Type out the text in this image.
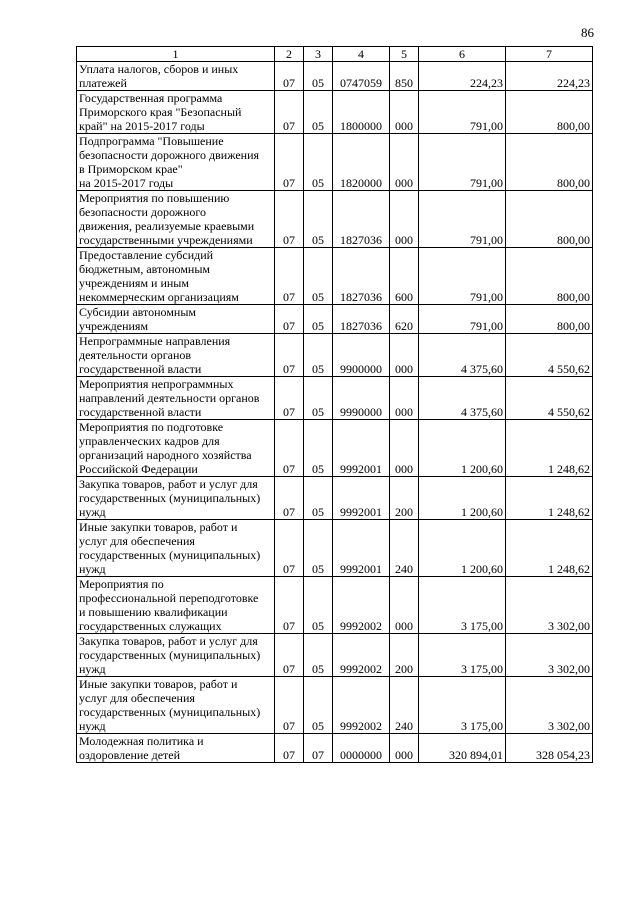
86
1	2	3	4	5	6	7

Уплата налогов, сборов и иных
платежей	07	05	0747059	850	224,23	224,23

Государственная программа
Приморского края "Безопасный
край" на 2015-2017 годы	07	05	1800000	000	791,00	800,00

Подпрограмма "Повышение
безопасности дорожного движения
в Приморском крае"
на 2015-2017 годы	07	05	1820000	000	791,00	800,00

Мероприятия по повышению
безопасности дорожного
движения, реализуемые краевыми
государственными учреждениями	07	05	1827036	000	791,00	800,00

Предоставление субсидий
бюджетным, автономным
учреждениям и иным
некоммерческим организациям	07	05	1827036	600	791,00	800,00

Субсидии автономным
учреждениям	07	05	1827036	620	791,00	800,00

Непрограммные направления
деятельности органов
государственной власти	07	05	9900000	000	4 375,60	4 550,62

Мероприятия непрограммных
направлений деятельности органов
государственной власти	07	05	9990000	000	4 375,60	4 550,62

Мероприятия по подготовке
управленческих кадров для
организаций народного хозяйства
Российской Федерации	07	05	9992001	000	1 200,60	1 248,62

Закупка товаров, работ и услуг для
государственных (муниципальных)
нужд	07	05	9992001	200	1 200,60	1 248,62

Иные закупки товаров, работ и
услуг для обеспечения
государственных (муниципальных)
нужд	07	05	9992001	240	1 200,60	1 248,62

Мероприятия по
профессиональной переподготовке
и повышению квалификации
государственных служащих	07	05	9992002	000	3 175,00	3 302,00

Закупка товаров, работ и услуг для
государственных (муниципальных)
нужд	07	05	9992002	200	3 175,00	3 302,00

Иные закупки товаров, работ и
услуг для обеспечения
государственных (муниципальных)
нужд	07	05	9992002	240	3 175,00	3 302,00

Молодежная политика и
оздоровление детей	07	07	0000000	000	320 894,01	328 054,23
